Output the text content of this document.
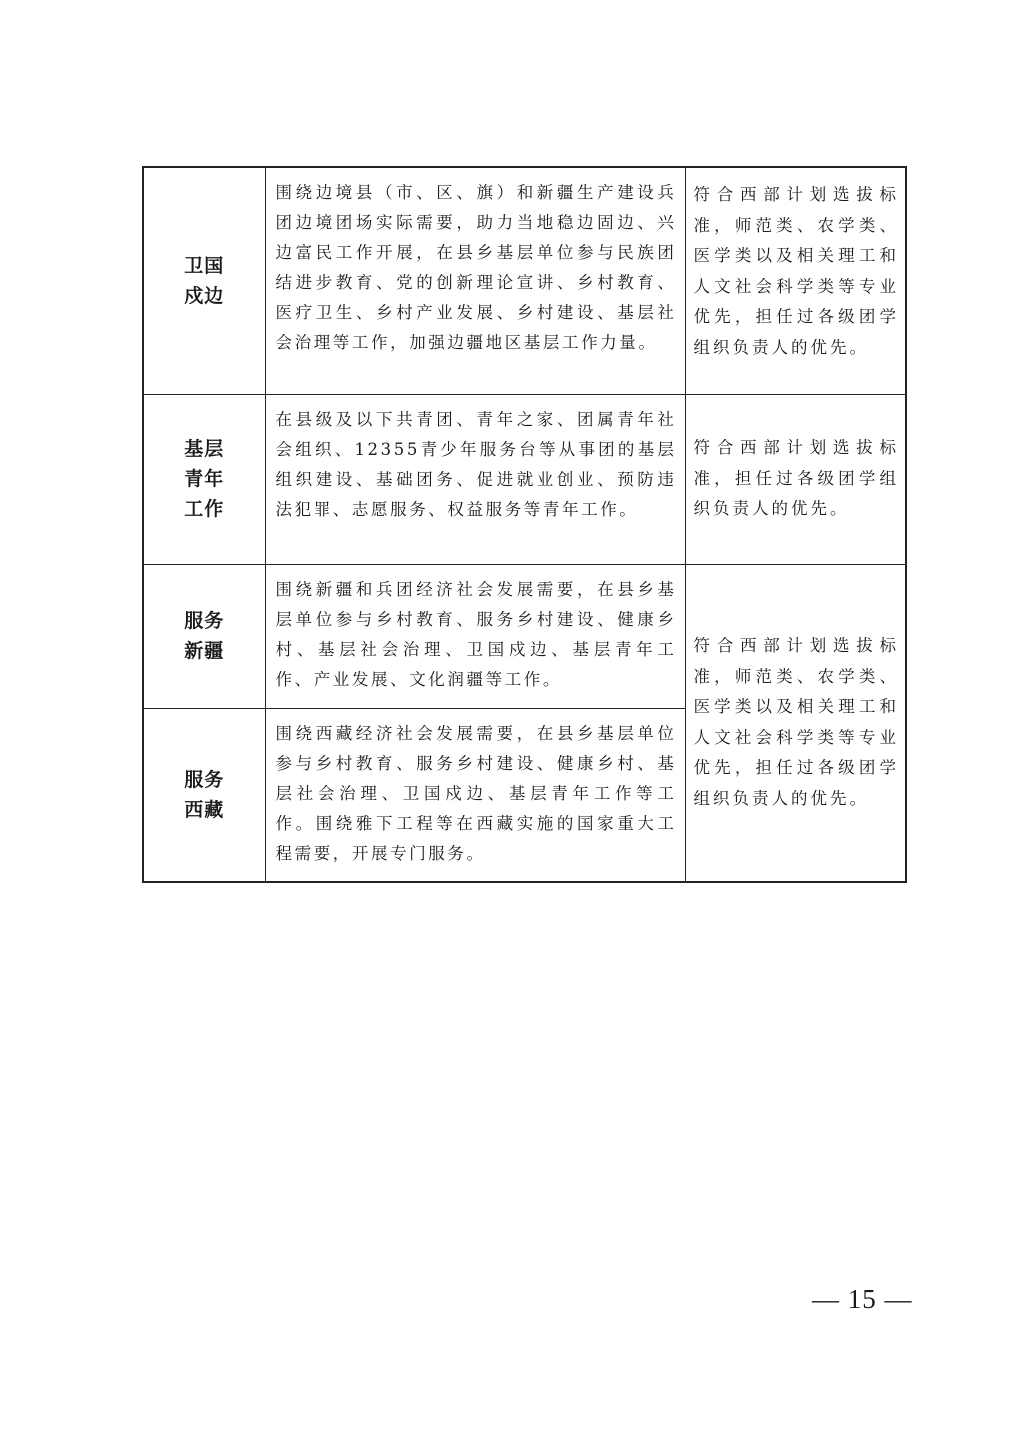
卫国
戍边	围绕边境县（市、区、旗）和新疆生产建设兵团边境团场实际需要，助力当地稳边固边、兴边富民工作开展，在县乡基层单位参与民族团结进步教育、党的创新理论宣讲、乡村教育、医疗卫生、乡村产业发展、乡村建设、基层社会治理等工作，加强边疆地区基层工作力量。	符合西部计划选拔标准，师范类、农学类、医学类以及相关理工和人文社会科学类等专业优先，担任过各级团学组织负责人的优先。
基层
青年
工作	在县级及以下共青团、青年之家、团属青年社会组织、12355青少年服务台等从事团的基层组织建设、基础团务、促进就业创业、预防违法犯罪、志愿服务、权益服务等青年工作。	符合西部计划选拔标准，担任过各级团学组织负责人的优先。
服务
新疆	围绕新疆和兵团经济社会发展需要，在县乡基层单位参与乡村教育、服务乡村建设、健康乡村、基层社会治理、卫国戍边、基层青年工作、产业发展、文化润疆等工作。	符合西部计划选拔标准，师范类、农学类、医学类以及相关理工和人文社会科学类等专业优先，担任过各级团学组织负责人的优先。
服务
西藏	围绕西藏经济社会发展需要，在县乡基层单位参与乡村教育、服务乡村建设、健康乡村、基层社会治理、卫国戍边、基层青年工作等工作。围绕雅下工程等在西藏实施的国家重大工程需要，开展专门服务。	
— 15 —
